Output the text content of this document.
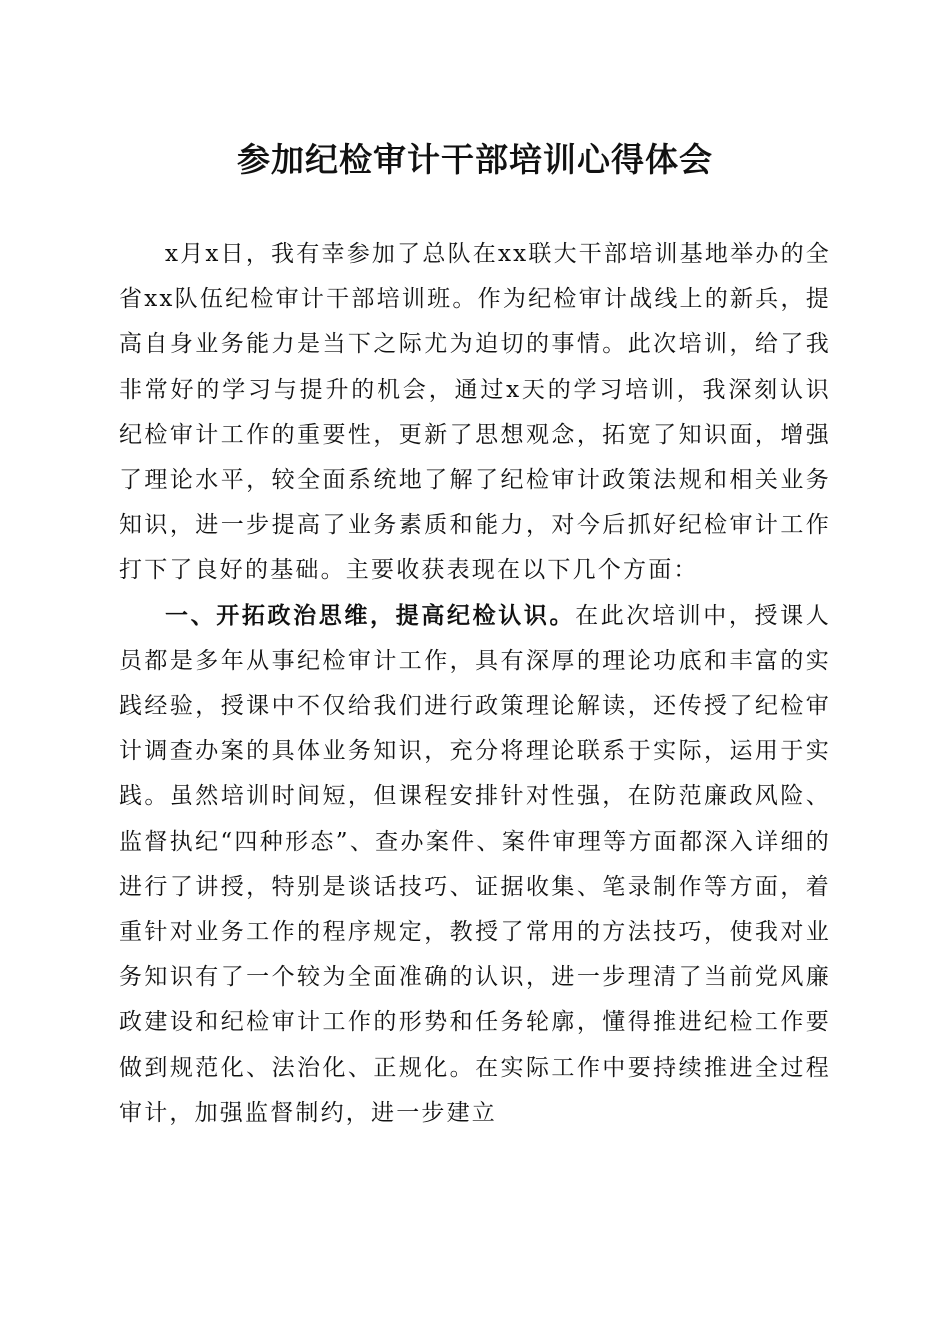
参加纪检审计干部培训心得体会

x月x日，我有幸参加了总队在xx联大干部培训基地举办的全省xx队伍纪检审计干部培训班。作为纪检审计战线上的新兵，提高自身业务能力是当下之际尤为迫切的事情。此次培训，给了我非常好的学习与提升的机会，通过x天的学习培训，我深刻认识纪检审计工作的重要性，更新了思想观念，拓宽了知识面，增强了理论水平，较全面系统地了解了纪检审计政策法规和相关业务知识，进一步提高了业务素质和能力，对今后抓好纪检审计工作打下了良好的基础。主要收获表现在以下几个方面：

一、开拓政治思维，提高纪检认识。在此次培训中，授课人员都是多年从事纪检审计工作，具有深厚的理论功底和丰富的实践经验，授课中不仅给我们进行政策理论解读，还传授了纪检审计调查办案的具体业务知识，充分将理论联系于实际，运用于实践。虽然培训时间短，但课程安排针对性强，在防范廉政风险、监督执纪“四种形态”、查办案件、案件审理等方面都深入详细的进行了讲授，特别是谈话技巧、证据收集、笔录制作等方面，着重针对业务工作的程序规定，教授了常用的方法技巧，使我对业务知识有了一个较为全面准确的认识，进一步理清了当前党风廉政建设和纪检审计工作的形势和任务轮廓，懂得推进纪检工作要做到规范化、法治化、正规化。在实际工作中要持续推进全过程审计，加强监督制约，进一步建立
